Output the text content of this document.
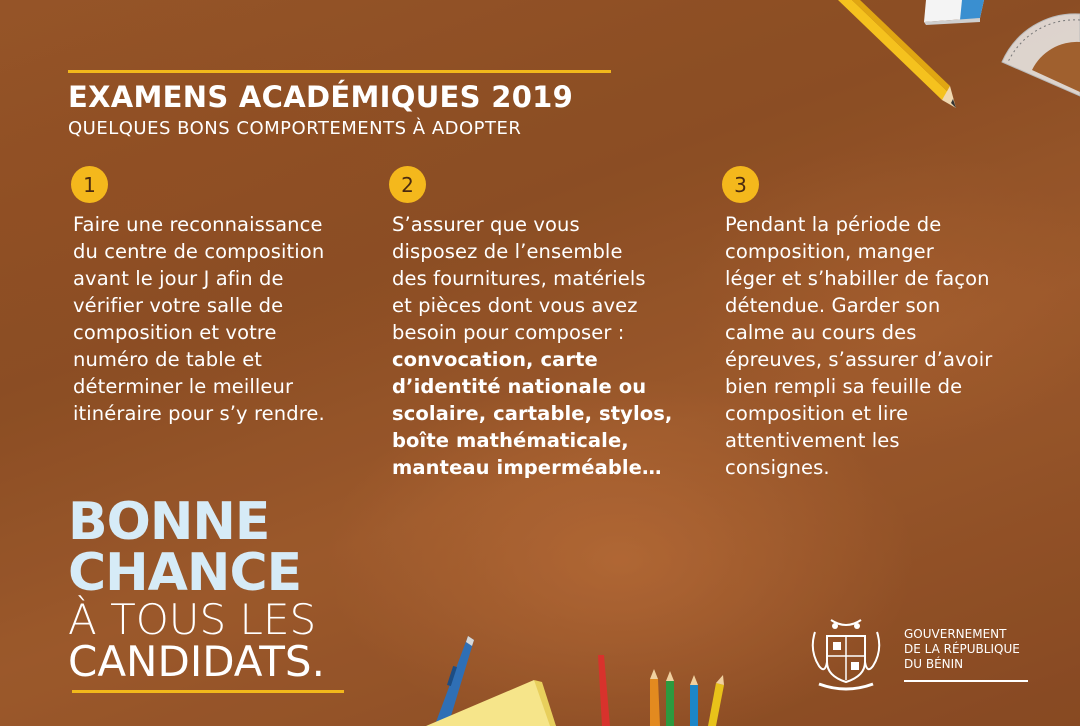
EXAMENS ACADÉMIQUES 2019

QUELQUES BONS COMPORTEMENTS À ADOPTER

1
Faire une reconnaissance
du centre de composition
avant le jour J afin de
vérifier votre salle de
composition et votre
numéro de table et
déterminer le meilleur
itinéraire pour s’y rendre.
2
S’assurer que vous
disposez de l’ensemble
des fournitures, matériels
et pièces dont vous avez
besoin pour composer :
convocation, carte
d’identité nationale ou
scolaire, cartable, stylos,
boîte mathématicale,
manteau imperméable…
3
Pendant la période de
composition, manger
léger et s’habiller de façon
détendue. Garder son
calme au cours des
épreuves, s’assurer d’avoir
bien rempli sa feuille de
composition et lire
attentivement les
consignes.
BONNE
CHANCE
À TOUS LES
CANDIDATS.
GOUVERNEMENT
DE LA RÉPUBLIQUE
DU BÉNIN
